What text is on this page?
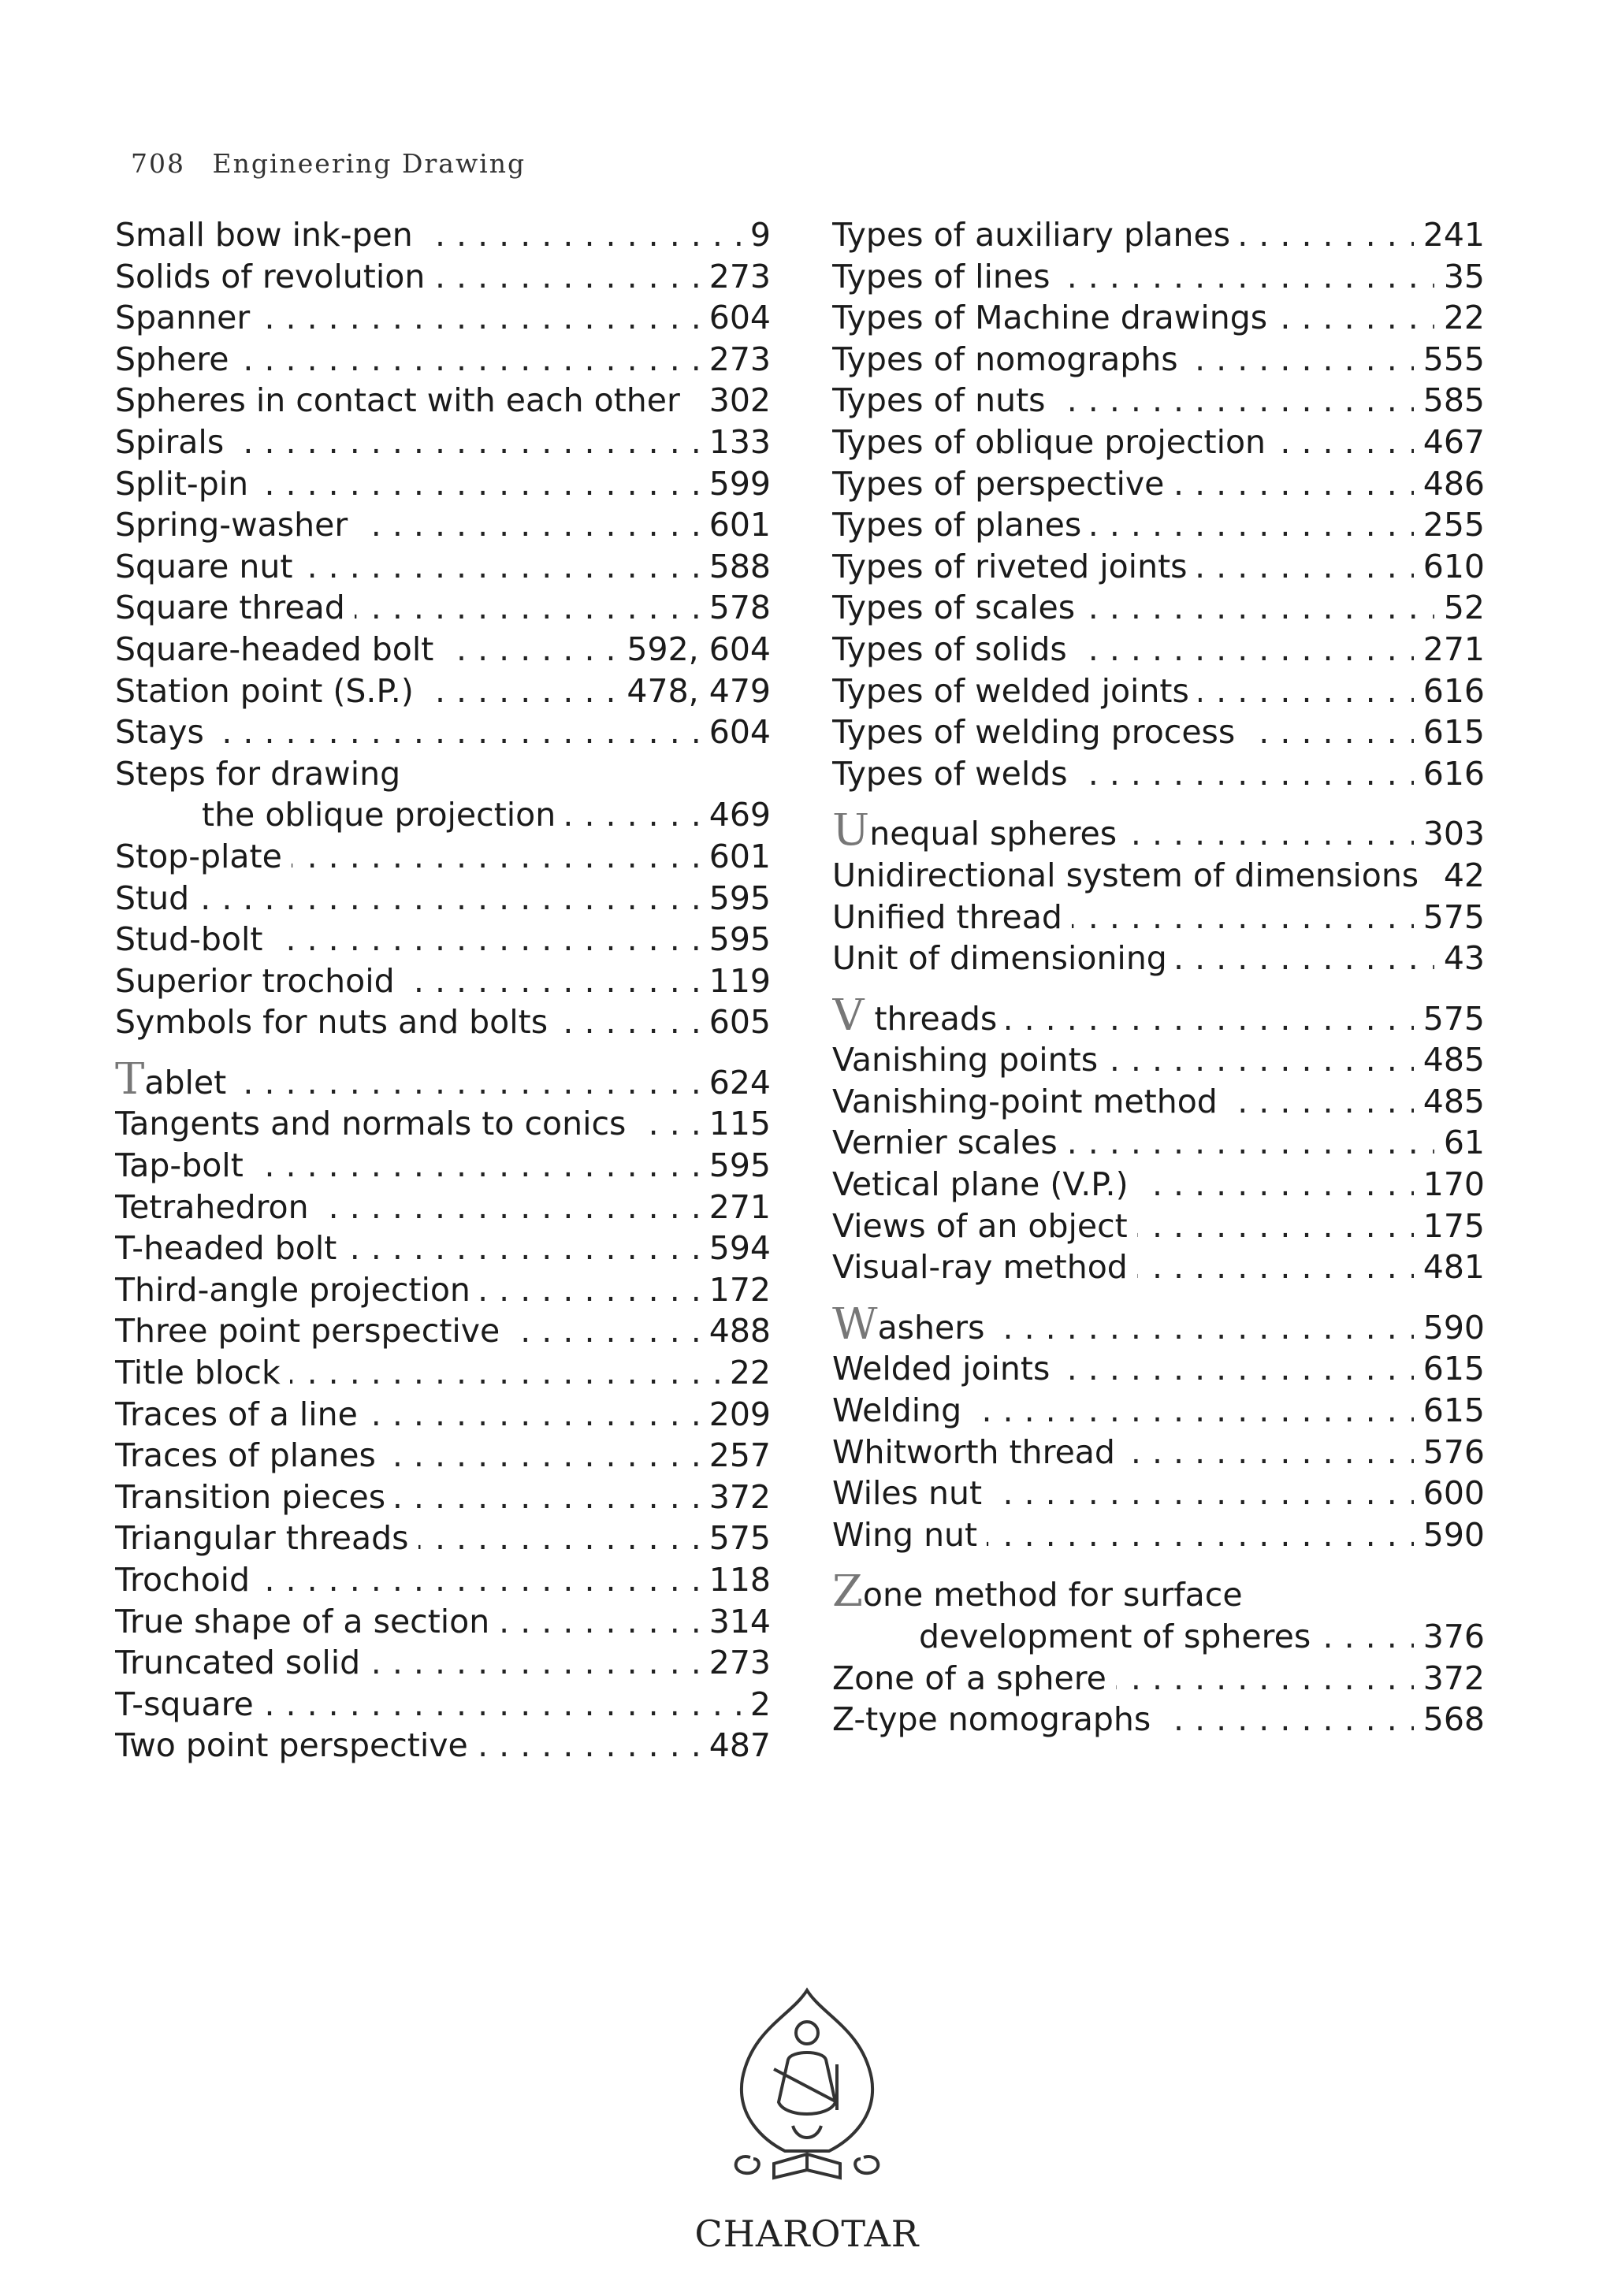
708 Engineering Drawing
. . . Small bow ink-pen	9
. . . Solids of revolution	273
. . . Spanner	604
. . . Sphere	273
Spheres in contact with each other 302
. . . Spirals	133
. . . Split-pin	599
. . . Spring-washer	601
. . . Square nut	588
. . . Square thread	578
. . . Square-headed bolt	592, 604
. . . Station point (S.P.)	478, 479
. . . Stays	604
Steps for drawing
. . . the oblique projection	469
. . . Stop-plate	601
. . . Stud	595
. . . Stud-bolt	595
. . . Superior trochoid	119
. . . Symbols for nuts and bolts	605
. . . Tablet	624
. . . Tangents and normals to conics	115
. . . Tap-bolt	595
. . . Tetrahedron	271
. . . T-headed bolt	594
. . . Third-angle projection	172
. . . Three point perspective	488
. . . Title block	22
. . . Traces of a line	209
. . . Traces of planes	257
. . . Transition pieces	372
. . . Triangular threads	575
. . . Trochoid	118
. . . True shape of a section	314
. . . Truncated solid	273
. . . T-square	2
. . . Two point perspective	487
. . . Types of auxiliary planes	241
. . . Types of lines	35
. . . Types of Machine drawings	22
. . . Types of nomographs	555
. . . Types of nuts	585
. . . Types of oblique projection	467
. . . Types of perspective	486
. . . Types of planes	255
. . . Types of riveted joints	610
. . . Types of scales	52
. . . Types of solids	271
. . . Types of welded joints	616
. . . Types of welding process	615
. . . Types of welds	616
. . . Unequal spheres	303
Unidirectional system of dimensions 42
. . . Unified thread	575
. . . Unit of dimensioning	43
. . . V threads	575
. . . Vanishing points	485
. . . Vanishing-point method	485
. . . Vernier scales	61
. . . Vetical plane (V.P.)	170
. . . Views of an object	175
. . . Visual-ray method	481
. . . Washers	590
. . . Welded joints	615
. . . Welding	615
. . . Whitworth thread	576
. . . Wiles nut	600
. . . Wing nut	590
Zone method for surface
. . . development of spheres	376
. . . Zone of a sphere	372
. . . Z-type nomographs	568
CHAROTAR
